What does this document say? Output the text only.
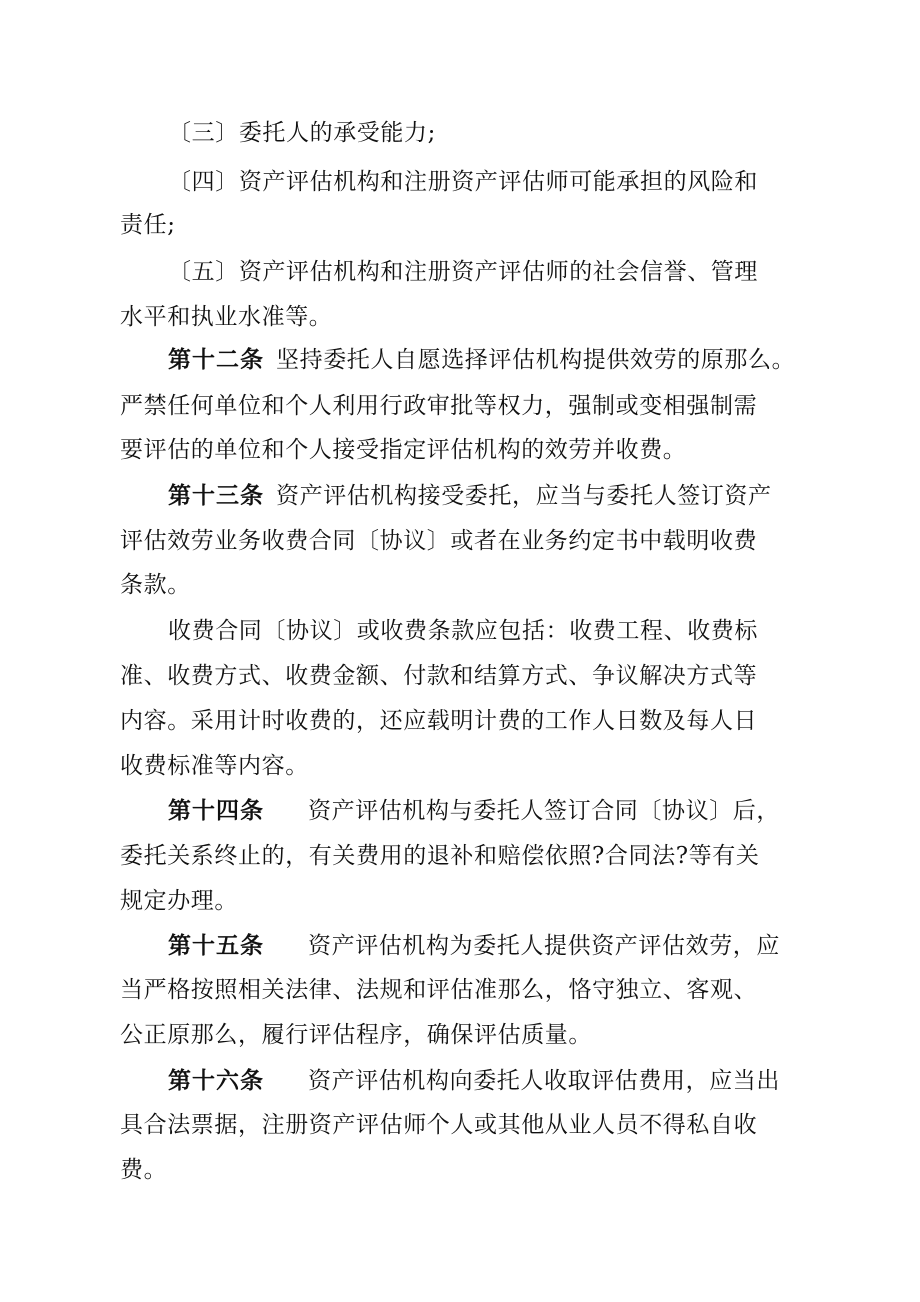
〔三〕委托人的承受能力;
〔四〕资产评估机构和注册资产评估师可能承担的风险和
责任;
〔五〕资产评估机构和注册资产评估师的社会信誉、管理
水平和执业水准等。
第十二条 坚持委托人自愿选择评估机构提供效劳的原那么。
严禁任何单位和个人利用行政审批等权力，强制或变相强制需
要评估的单位和个人接受指定评估机构的效劳并收费。
第十三条 资产评估机构接受委托，应当与委托人签订资产
评估效劳业务收费合同〔协议〕或者在业务约定书中载明收费
条款。
收费合同〔协议〕或收费条款应包括：收费工程、收费标
准、收费方式、收费金额、付款和结算方式、争议解决方式等
内容。采用计时收费的，还应载明计费的工作人日数及每人日
收费标准等内容。
第十四条 资产评估机构与委托人签订合同〔协议〕后，
委托关系终止的，有关费用的退补和赔偿依照?合同法?等有关
规定办理。
第十五条 资产评估机构为委托人提供资产评估效劳，应
当严格按照相关法律、法规和评估准那么，恪守独立、客观、
公正原那么，履行评估程序，确保评估质量。
第十六条 资产评估机构向委托人收取评估费用，应当出
具合法票据，注册资产评估师个人或其他从业人员不得私自收
费。
